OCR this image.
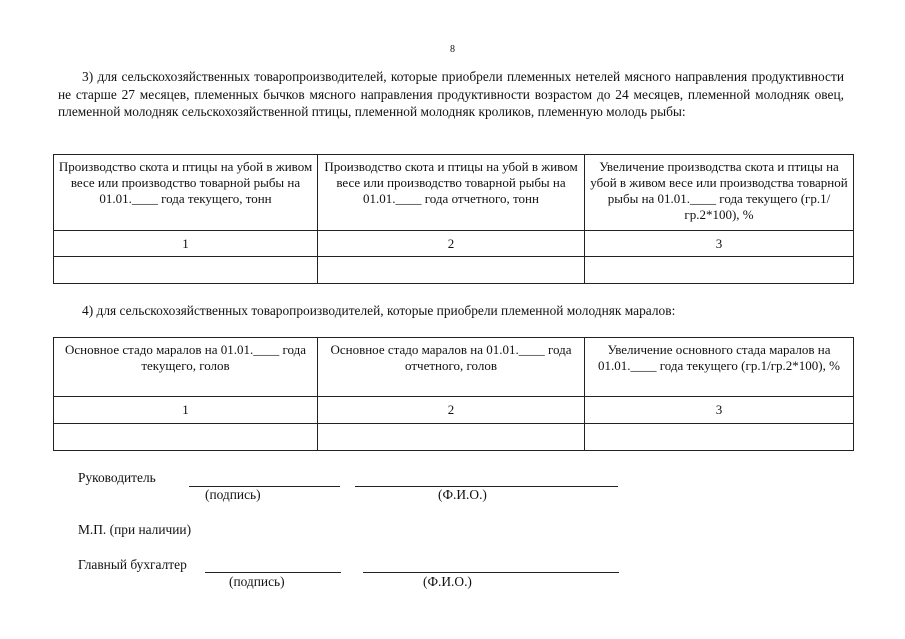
8
3) для сельскохозяйственных товаропроизводителей, которые приобрели племенных нетелей мясного направления продуктивности не старше 27 месяцев, племенных бычков мясного направления продуктивности возрастом до 24 месяцев, племенной молодняк овец, племенной молодняк сельскохозяйственной птицы, племенной молодняк кроликов, племенную молодь рыбы:
Производство скота и птицы на убой в живом весе или производство товарной рыбы на 01.01.____ года текущего, тонн	Производство скота и птицы на убой в живом весе или производство товарной рыбы на 01.01.____ года отчетного, тонн	Увеличение производства скота и птицы на убой в живом весе или производства товарной рыбы на 01.01.____ года текущего (гр.1/гр.2*100), %
1	2	3

4) для сельскохозяйственных товаропроизводителей, которые приобрели племенной молодняк маралов:
Основное стадо маралов на 01.01.____ года текущего, голов	Основное стадо маралов на 01.01.____ года отчетного, голов	Увеличение основного стада маралов на 01.01.____ года текущего (гр.1/гр.2*100), %
1	2	3

Руководитель
(подпись)	(Ф.И.О.)
М.П. (при наличии)
Главный бухгалтер
(подпись)	(Ф.И.О.)
